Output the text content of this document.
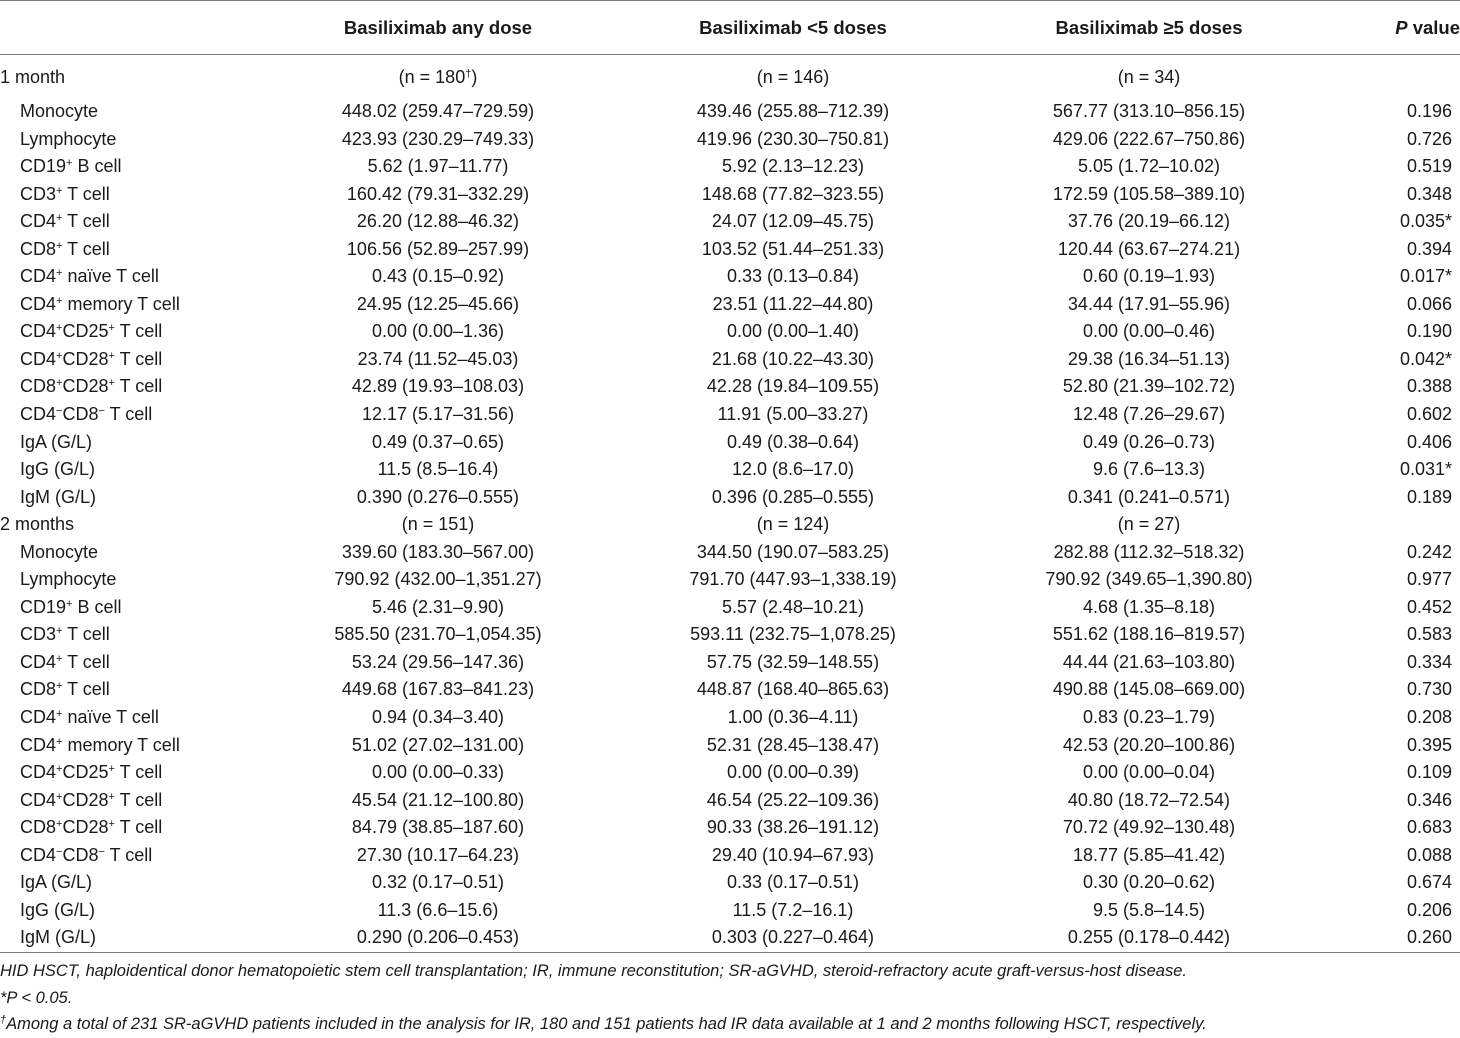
	Basiliximab any dose	Basiliximab <5 doses	Basiliximab ≥5 doses	P value
1 month	(n = 180†)	(n = 146)	(n = 34)	
Monocyte	448.02 (259.47–729.59)	439.46 (255.88–712.39)	567.77 (313.10–856.15)	0.196
Lymphocyte	423.93 (230.29–749.33)	419.96 (230.30–750.81)	429.06 (222.67–750.86)	0.726
CD19+ B cell	5.62 (1.97–11.77)	5.92 (2.13–12.23)	5.05 (1.72–10.02)	0.519
CD3+ T cell	160.42 (79.31–332.29)	148.68 (77.82–323.55)	172.59 (105.58–389.10)	0.348
CD4+ T cell	26.20 (12.88–46.32)	24.07 (12.09–45.75)	37.76 (20.19–66.12)	0.035*
CD8+ T cell	106.56 (52.89–257.99)	103.52 (51.44–251.33)	120.44 (63.67–274.21)	0.394
CD4+ naïve T cell	0.43 (0.15–0.92)	0.33 (0.13–0.84)	0.60 (0.19–1.93)	0.017*
CD4+ memory T cell	24.95 (12.25–45.66)	23.51 (11.22–44.80)	34.44 (17.91–55.96)	0.066
CD4+CD25+ T cell	0.00 (0.00–1.36)	0.00 (0.00–1.40)	0.00 (0.00–0.46)	0.190
CD4+CD28+ T cell	23.74 (11.52–45.03)	21.68 (10.22–43.30)	29.38 (16.34–51.13)	0.042*
CD8+CD28+ T cell	42.89 (19.93–108.03)	42.28 (19.84–109.55)	52.80 (21.39–102.72)	0.388
CD4−CD8− T cell	12.17 (5.17–31.56)	11.91 (5.00–33.27)	12.48 (7.26–29.67)	0.602
IgA (G/L)	0.49 (0.37–0.65)	0.49 (0.38–0.64)	0.49 (0.26–0.73)	0.406
IgG (G/L)	11.5 (8.5–16.4)	12.0 (8.6–17.0)	9.6 (7.6–13.3)	0.031*
IgM (G/L)	0.390 (0.276–0.555)	0.396 (0.285–0.555)	0.341 (0.241–0.571)	0.189
2 months	(n = 151)	(n = 124)	(n = 27)	
Monocyte	339.60 (183.30–567.00)	344.50 (190.07–583.25)	282.88 (112.32–518.32)	0.242
Lymphocyte	790.92 (432.00–1,351.27)	791.70 (447.93–1,338.19)	790.92 (349.65–1,390.80)	0.977
CD19+ B cell	5.46 (2.31–9.90)	5.57 (2.48–10.21)	4.68 (1.35–8.18)	0.452
CD3+ T cell	585.50 (231.70–1,054.35)	593.11 (232.75–1,078.25)	551.62 (188.16–819.57)	0.583
CD4+ T cell	53.24 (29.56–147.36)	57.75 (32.59–148.55)	44.44 (21.63–103.80)	0.334
CD8+ T cell	449.68 (167.83–841.23)	448.87 (168.40–865.63)	490.88 (145.08–669.00)	0.730
CD4+ naïve T cell	0.94 (0.34–3.40)	1.00 (0.36–4.11)	0.83 (0.23–1.79)	0.208
CD4+ memory T cell	51.02 (27.02–131.00)	52.31 (28.45–138.47)	42.53 (20.20–100.86)	0.395
CD4+CD25+ T cell	0.00 (0.00–0.33)	0.00 (0.00–0.39)	0.00 (0.00–0.04)	0.109
CD4+CD28+ T cell	45.54 (21.12–100.80)	46.54 (25.22–109.36)	40.80 (18.72–72.54)	0.346
CD8+CD28+ T cell	84.79 (38.85–187.60)	90.33 (38.26–191.12)	70.72 (49.92–130.48)	0.683
CD4−CD8− T cell	27.30 (10.17–64.23)	29.40 (10.94–67.93)	18.77 (5.85–41.42)	0.088
IgA (G/L)	0.32 (0.17–0.51)	0.33 (0.17–0.51)	0.30 (0.20–0.62)	0.674
IgG (G/L)	11.3 (6.6–15.6)	11.5 (7.2–16.1)	9.5 (5.8–14.5)	0.206
IgM (G/L)	0.290 (0.206–0.453)	0.303 (0.227–0.464)	0.255 (0.178–0.442)	0.260
HID HSCT, haploidentical donor hematopoietic stem cell transplantation; IR, immune reconstitution; SR-aGVHD, steroid-refractory acute graft-versus-host disease.
*P < 0.05.
†Among a total of 231 SR-aGVHD patients included in the analysis for IR, 180 and 151 patients had IR data available at 1 and 2 months following HSCT, respectively.
